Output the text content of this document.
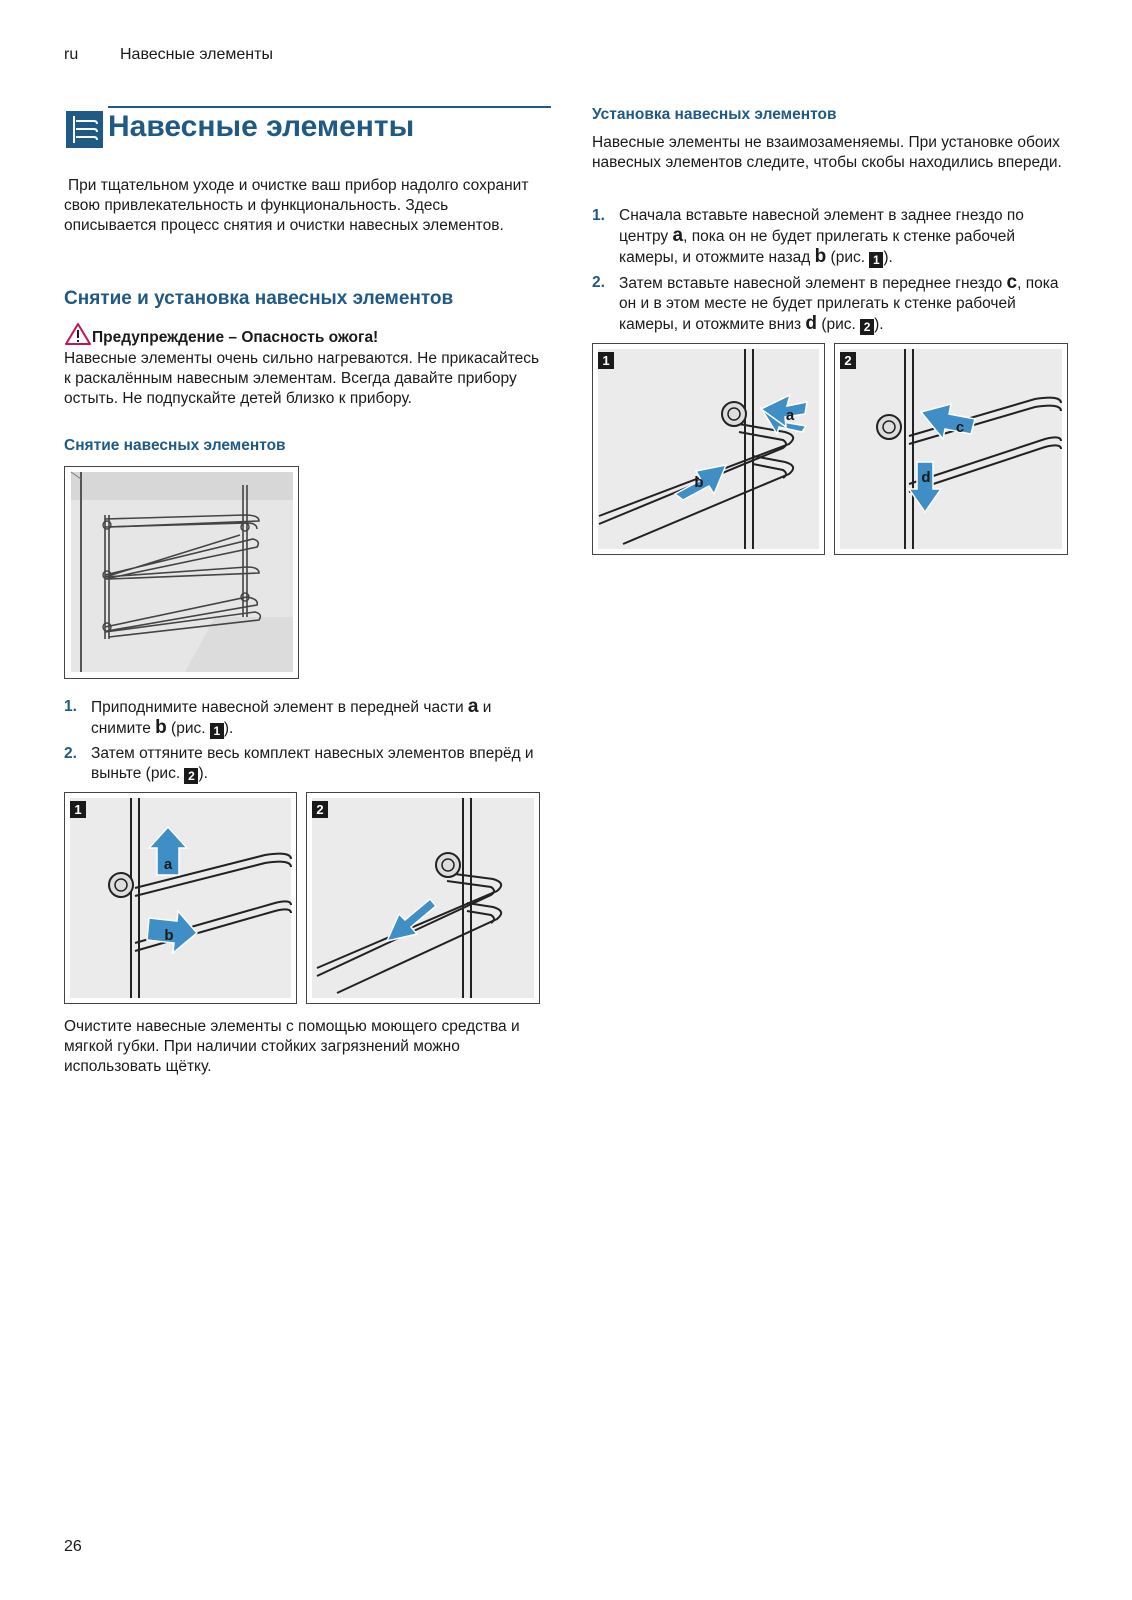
ru	Навесные элементы
Навесные элементы

При тщательном уходе и очистке ваш прибор надолго сохранит свою привлекательность и функциональность. Здесь описывается процесс снятия и очистки навесных элементов.

Снятие и установка навесных элементов
Предупреждение – Опасность ожога!

Навесные элементы очень сильно нагреваются. Не прикасайтесь к раскалённым навесным элементам. Всегда давайте прибору остыть. Не подпускайте детей близко к прибору.

Снятие навесных элементов
1. Приподнимите навесной элемент в передней части a и снимите b (рис. 1 ).
2. Затем оттяните весь комплект навесных элементов вперёд и выньте (рис. 2 ).
1
a
b
2

Очистите навесные элементы с помощью моющего средства и мягкой губки. При наличии стойких загрязнений можно использовать щётку.

Установка навесных элементов

Навесные элементы не взаимозаменяемы. При установке обоих навесных элементов следите, чтобы скобы находились впереди.

1. Сначала вставьте навесной элемент в заднее гнездо по центру a, пока он не будет прилегать к стенке рабочей камеры, и отожмите назад b (рис. 1 ).
2. Затем вставьте навесной элемент в переднее гнездо c, пока он и в этом месте не будет прилегать к стенке рабочей камеры, и отожмите вниз d (рис. 2 ).
1
a
b
2
c
d
26
